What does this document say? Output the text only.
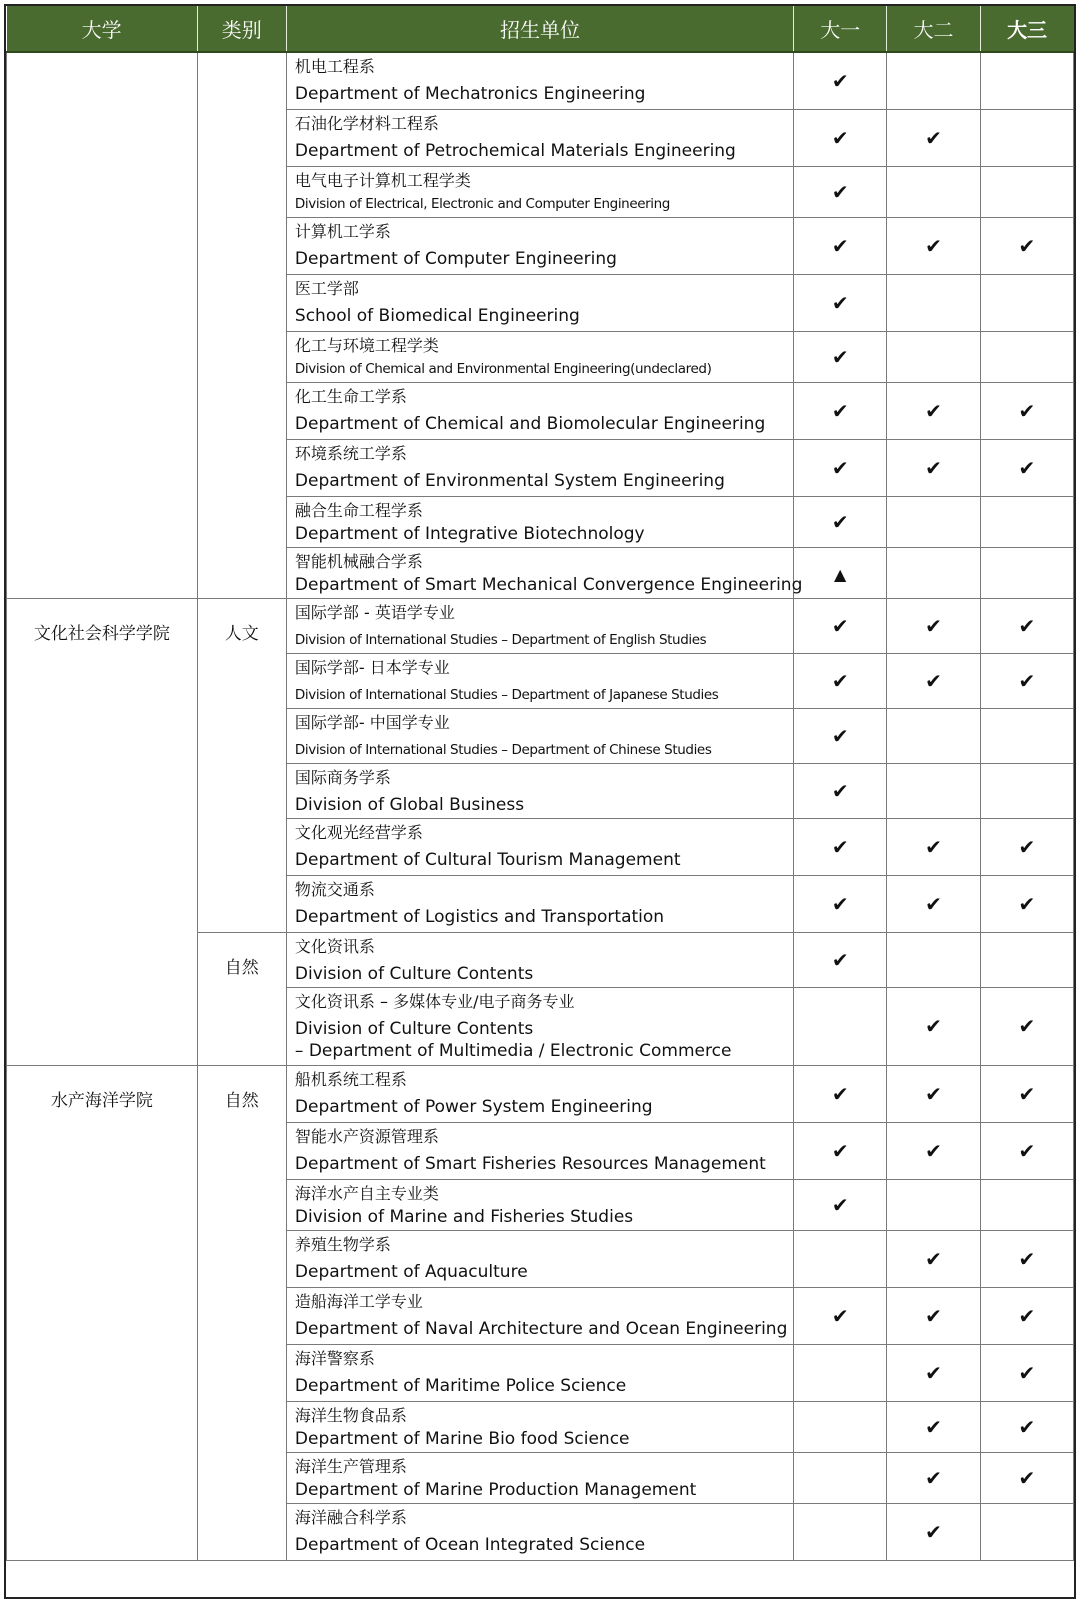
大学	类别	招生单位	大一	大二	大三

		机电工程系
Department of Mechatronics Engineering	✔		

		石油化学材料工程系
Department of Petrochemical Materials Engineering	✔	✔	

		电气电子计算机工程学类
Division of Electrical, Electronic and Computer Engineering	✔		

		计算机工学系
Department of Computer Engineering	✔	✔	✔

		医工学部
School of Biomedical Engineering	✔		

		化工与环境工程学类
Division of Chemical and Environmental Engineering(undeclared)	✔		

		化工生命工学系
Department of Chemical and Biomolecular Engineering	✔	✔	✔

		环境系统工学系
Department of Environmental System Engineering	✔	✔	✔

		融合生命工程学系
Department of Integrative Biotechnology	✔		

		智能机械融合学系
Department of Smart Mechanical Convergence Engineering	▲		
文化社会科学学院	人文	国际学部 - 英语学专业
Division of International Studies – Department of English Studies	✔	✔	✔

		国际学部- 日本学专业
Division of International Studies – Department of Japanese Studies	✔	✔	✔

		国际学部- 中国学专业
Division of International Studies – Department of Chinese Studies	✔		

		国际商务学系
Division of Global Business	✔		

		文化观光经营学系
Department of Cultural Tourism Management	✔	✔	✔

		物流交通系
Department of Logistics and Transportation	✔	✔	✔
	自然	文化资讯系
Division of Culture Contents	✔		

		文化资讯系 – 多媒体专业/电子商务专业
Division of Culture Contents
– Department of Multimedia / Electronic Commerce		✔	✔
水产海洋学院	自然	船机系统工程系
Department of Power System Engineering	✔	✔	✔

		智能水产资源管理系
Department of Smart Fisheries Resources Management	✔	✔	✔

		海洋水产自主专业类
Division of Marine and Fisheries Studies	✔		

		养殖生物学系
Department of Aquaculture		✔	✔

		造船海洋工学专业
Department of Naval Architecture and Ocean Engineering	✔	✔	✔

		海洋警察系
Department of Maritime Police Science		✔	✔

		海洋生物食品系
Department of Marine Bio food Science		✔	✔

		海洋生产管理系
Department of Marine Production Management		✔	✔

		海洋融合科学系
Department of Ocean Integrated Science		✔	
